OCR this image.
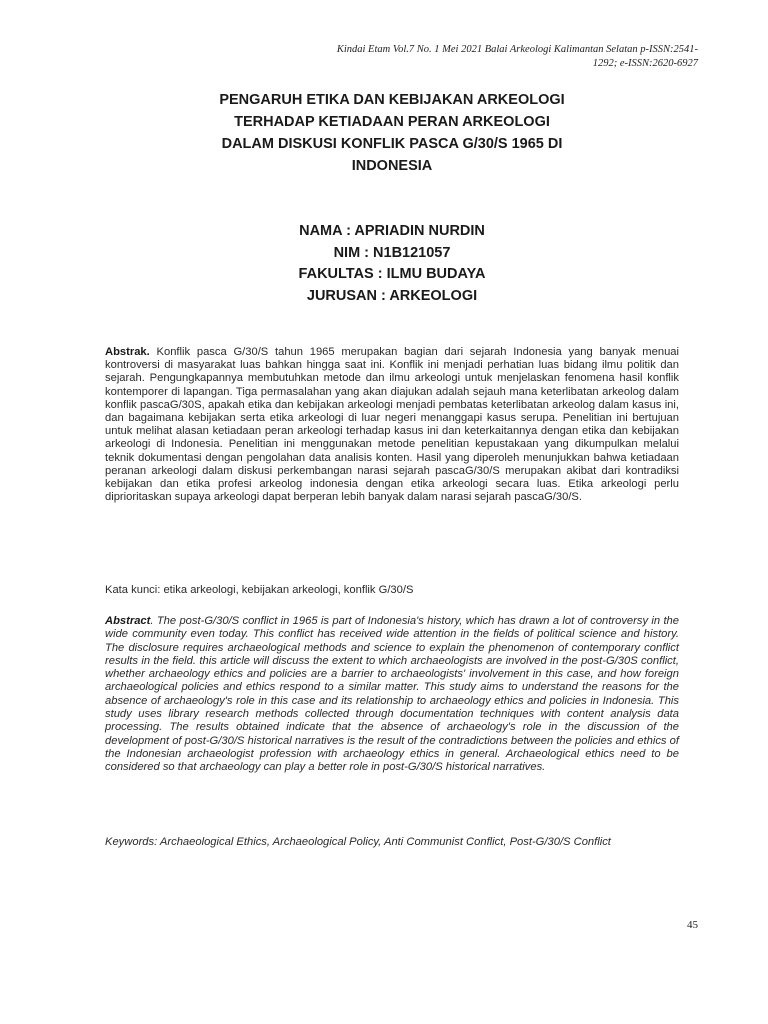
Kindai Etam Vol.7 No. 1 Mei 2021 Balai Arkeologi Kalimantan Selatan p-ISSN:2541-
1292; e-ISSN:2620-6927
PENGARUH ETIKA DAN KEBIJAKAN ARKEOLOGI
TERHADAP KETIADAAN PERAN ARKEOLOGI
DALAM DISKUSI KONFLIK PASCA G/30/S 1965 DI
INDONESIA
NAMA : APRIADIN NURDIN
NIM : N1B121057
FAKULTAS : ILMU BUDAYA
JURUSAN : ARKEOLOGI
Abstrak. Konflik pasca G/30/S tahun 1965 merupakan bagian dari sejarah Indonesia yang banyak menuai kontroversi di masyarakat luas bahkan hingga saat ini. Konflik ini menjadi perhatian luas bidang ilmu politik dan sejarah. Pengungkapannya membutuhkan metode dan ilmu arkeologi untuk menjelaskan fenomena hasil konflik kontemporer di lapangan. Tiga permasalahan yang akan diajukan adalah sejauh mana keterlibatan arkeolog dalam konflik pascaG/30S, apakah etika dan kebijakan arkeologi menjadi pembatas keterlibatan arkeolog dalam kasus ini, dan bagaimana kebijakan serta etika arkeologi di luar negeri menanggapi kasus serupa. Penelitian ini bertujuan untuk melihat alasan ketiadaan peran arkeologi terhadap kasus ini dan keterkaitannya dengan etika dan kebijakan arkeologi di Indonesia. Penelitian ini menggunakan metode penelitian kepustakaan yang dikumpulkan melalui teknik dokumentasi dengan pengolahan data analisis konten. Hasil yang diperoleh menunjukkan bahwa ketiadaan peranan arkeologi dalam diskusi perkembangan narasi sejarah pascaG/30/S merupakan akibat dari kontradiksi kebijakan dan etika profesi arkeolog indonesia dengan etika arkeologi secara luas. Etika arkeologi perlu diprioritaskan supaya arkeologi dapat berperan lebih banyak dalam narasi sejarah pascaG/30/S.
Kata kunci: etika arkeologi, kebijakan arkeologi, konflik G/30/S
Abstract. The post-G/30/S conflict in 1965 is part of Indonesia's history, which has drawn a lot of controversy in the wide community even today. This conflict has received wide attention in the fields of political science and history. The disclosure requires archaeological methods and science to explain the phenomenon of contemporary conflict results in the field. this article will discuss the extent to which archaeologists are involved in the post-G/30S conflict, whether archaeology ethics and policies are a barrier to archaeologists' involvement in this case, and how foreign archaeological policies and ethics respond to a similar matter. This study aims to understand the reasons for the absence of archaeology's role in this case and its relationship to archaeology ethics and policies in Indonesia. This study uses library research methods collected through documentation techniques with content analysis data processing. The results obtained indicate that the absence of archaeology's role in the discussion of the development of post-G/30/S historical narratives is the result of the contradictions between the policies and ethics of the Indonesian archaeologist profession with archaeology ethics in general. Archaeological ethics need to be considered so that archaeology can play a better role in post-G/30/S historical narratives.
Keywords: Archaeological Ethics, Archaeological Policy, Anti Communist Conflict, Post-G/30/S Conflict
45
